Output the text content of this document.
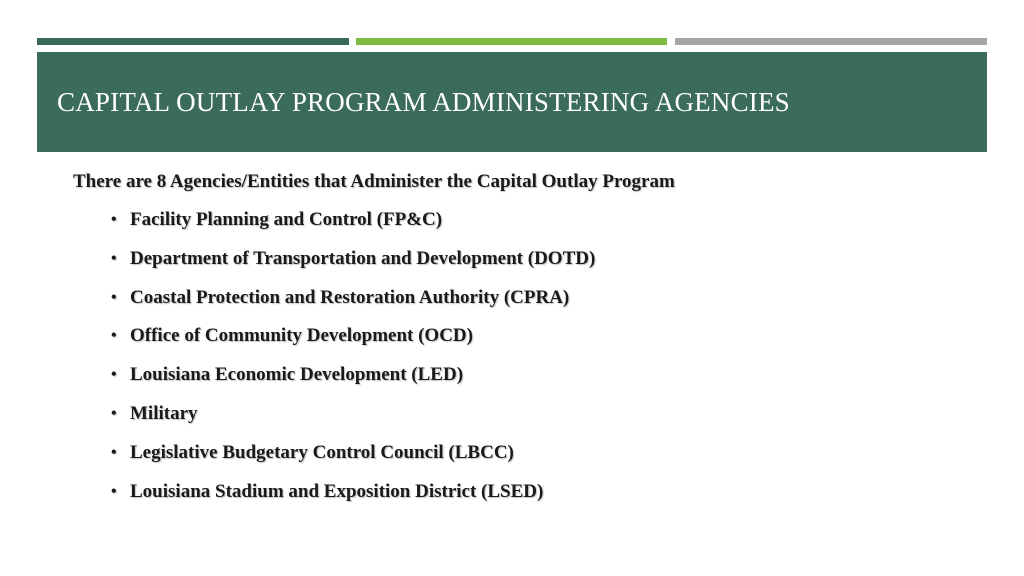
CAPITAL OUTLAY PROGRAM ADMINISTERING AGENCIES

There are 8 Agencies/Entities that Administer the Capital Outlay Program

• Facility Planning and Control (FP&C)
• Department of Transportation and Development (DOTD)
• Coastal Protection and Restoration Authority (CPRA)
• Office of Community Development (OCD)
• Louisiana Economic Development (LED)
• Military
• Legislative Budgetary Control Council (LBCC)
• Louisiana Stadium and Exposition District (LSED)
